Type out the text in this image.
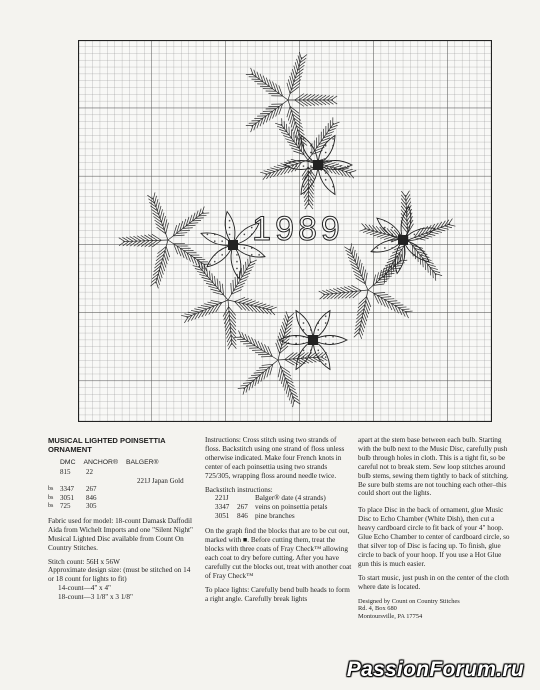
1989
MUSICAL LIGHTED POINSETTIA ORNAMENT
DMC ANCHOR® BALGER®
815	22
221J Japan Gold
bs 3347	267
bs 3051	846
bs 725	305

Fabric used for model: 18-count Damask Daffodil Aida from Wichelt Imports and one "Silent Night" Musical Lighted Disc available from Count On Country Stitches.

Stitch count: 56H x 56W
Approximate design size: (must be stitched on 14 or 18 count for lights to fit)
14-count—4" x 4"
18-count—3 1/8" x 3 1/8"

Instructions: Cross stitch using two strands of floss. Backstitch using one strand of floss unless otherwise indicated. Make four French knots in center of each poinsettia using two strands 725/305, wrapping floss around needle twice.

Backstitch instructions:
221J	Balger® date (4 strands)
3347	267	veins on poinsettia petals
3051	846	pine branches

On the graph find the blocks that are to be cut out, marked with ■. Before cutting them, treat the blocks with three coats of Fray Check™ allowing each coat to dry before cutting. After you have carefully cut the blocks out, treat with another coat of Fray Check™

To place lights: Carefully bend bulb heads to form a right angle. Carefully break lights

apart at the stem base between each bulb. Starting with the bulb next to the Music Disc, carefully push bulb through holes in cloth. This is a tight fit, so be careful not to break stem. Sew loop stitches around bulb stems, sewing them tightly to back of stitching. Be sure bulb stems are not touching each other–this could short out the lights.

To place Disc in the back of ornament, glue Music Disc to Echo Chamber (White Dish), then cut a heavy cardboard circle to fit back of your 4" hoop. Glue Echo Chamber to center of cardboard circle, so that silver top of Disc is facing up. To finish, glue circle to back of your hoop. If you use a Hot Glue gun this is much easier.

To start music, just push in on the center of the cloth where date is located.

Designed by Count on Country Stitches
Rd. 4, Box 680
Montoursville, PA 17754
PassionForum.ru
